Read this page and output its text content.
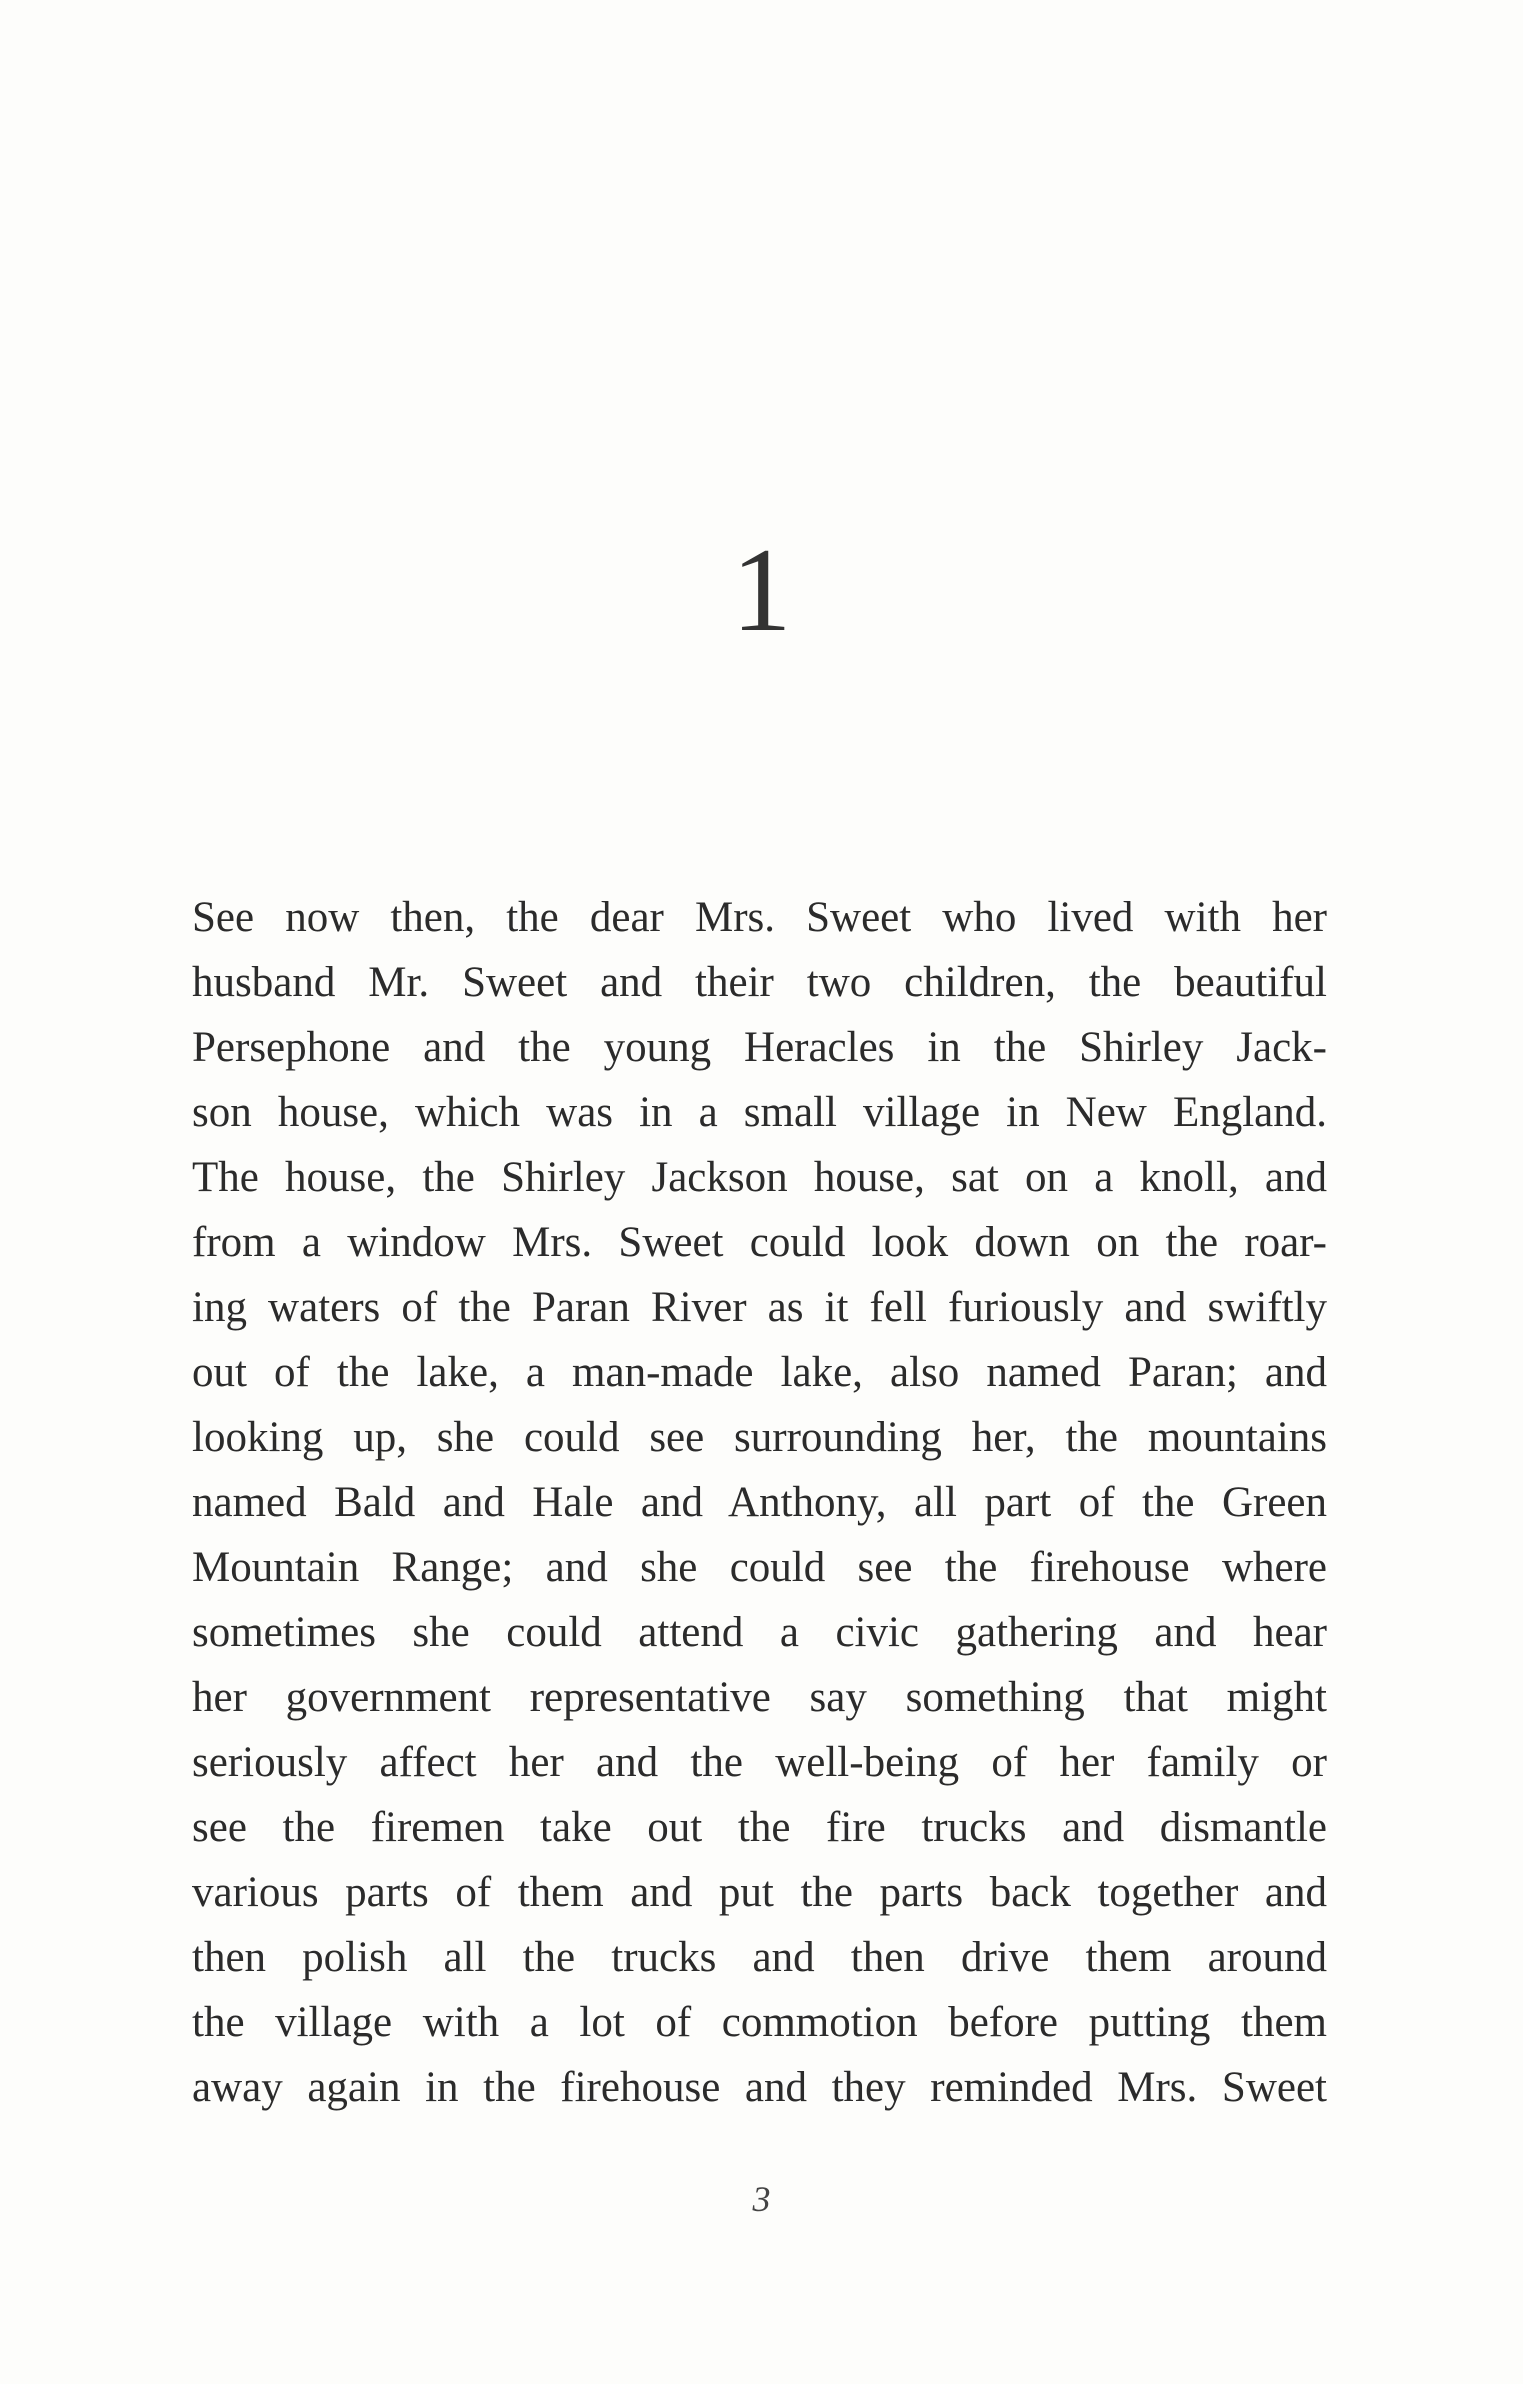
1
See now then, the dear Mrs. Sweet who lived with her
husband Mr. Sweet and their two children, the beautiful
Persephone and the young Heracles in the Shirley Jack-
son house, which was in a small village in New England.
The house, the Shirley Jackson house, sat on a knoll, and
from a window Mrs. Sweet could look down on the roar-
ing waters of the Paran River as it fell furiously and swiftly
out of the lake, a man-made lake, also named Paran; and
looking up, she could see surrounding her, the mountains
named Bald and Hale and Anthony, all part of the Green
Mountain Range; and she could see the firehouse where
sometimes she could attend a civic gathering and hear
her government representative say something that might
seriously affect her and the well-being of her family or
see the firemen take out the fire trucks and dismantle
various parts of them and put the parts back together and
then polish all the trucks and then drive them around
the village with a lot of commotion before putting them
away again in the firehouse and they reminded Mrs. Sweet
3
